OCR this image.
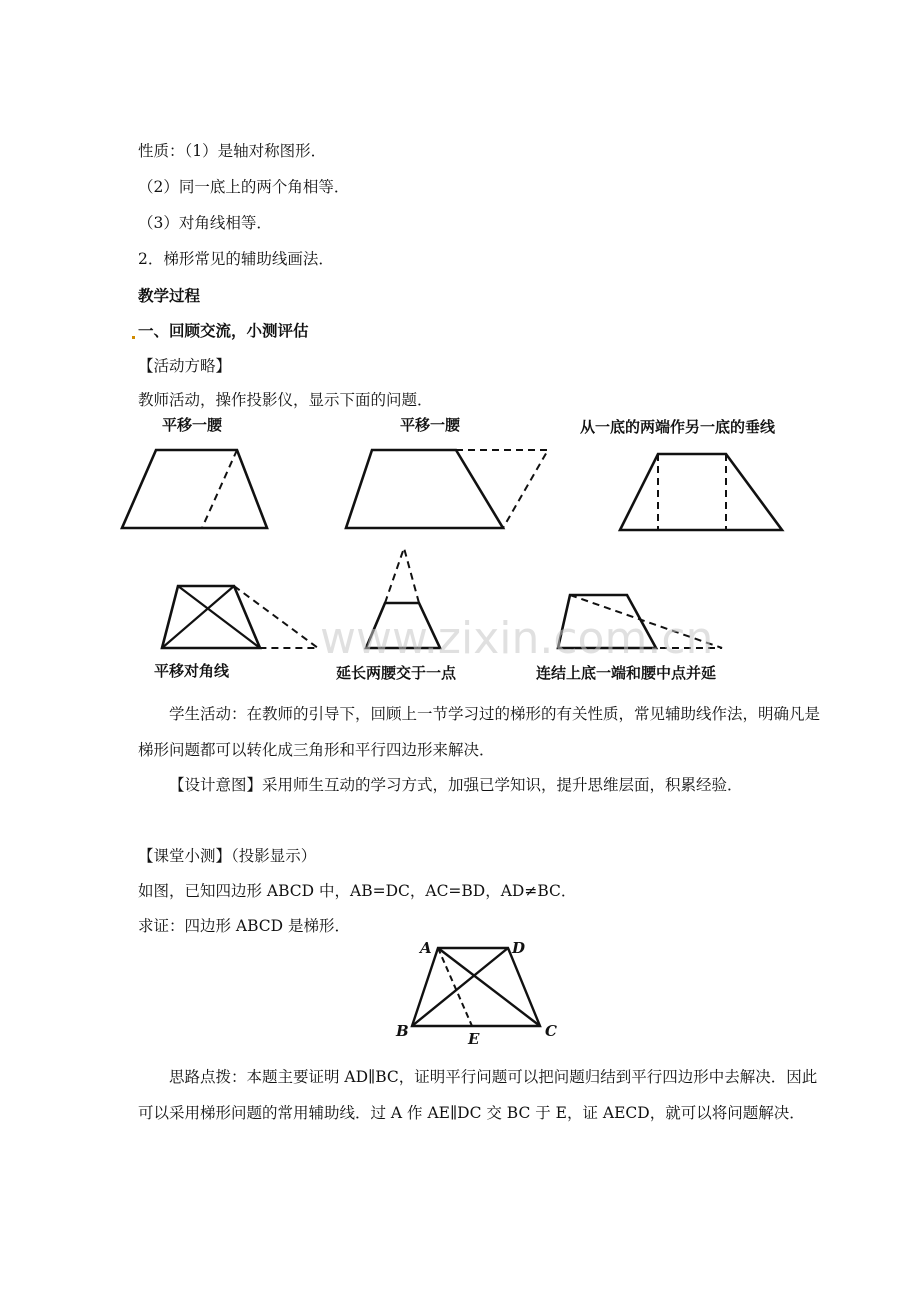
性质：（1）是轴对称图形．
（2）同一底上的两个角相等．
（3）对角线相等．
2．梯形常见的辅助线画法．
教学过程
一、回顾交流，小测评估
【活动方略】
教师活动，操作投影仪，显示下面的问题．
www.zixin.com.cn
平移一腰	平移一腰	从一底的两端作另一底的垂线
平移对角线	延长两腰交于一点	连结上底一端和腰中点并延
学生活动：在教师的引导下，回顾上一节学习过的梯形的有关性质，常见辅助线作法，明确凡是梯形问题都可以转化成三角形和平行四边形来解决．
【设计意图】采用师生互动的学习方式，加强已学知识，提升思维层面，积累经验．
【课堂小测】（投影显示）
如图，已知四边形 ABCD 中，AB=DC，AC=BD，AD≠BC．
求证：四边形 ABCD 是梯形．
A	D
B	C
E
思路点拨：本题主要证明 AD∥BC，证明平行问题可以把问题归结到平行四边形中去解决．因此可以采用梯形问题的常用辅助线．过 A 作 AE∥DC 交 BC 于 E，证 AECD，就可以将问题解决．
